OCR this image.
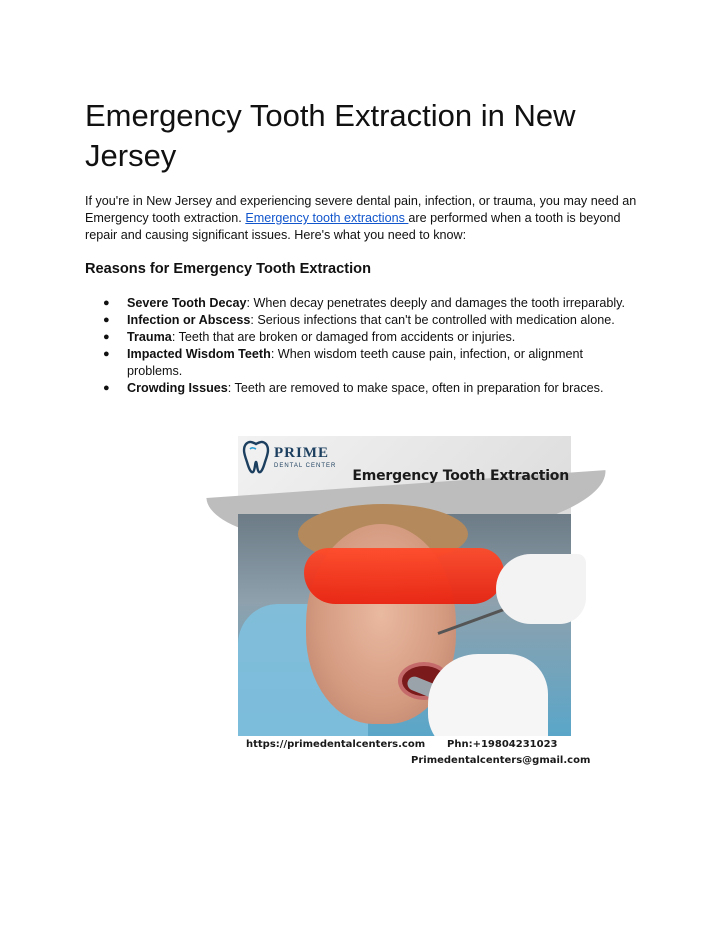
Emergency Tooth Extraction in New Jersey

If you're in New Jersey and experiencing severe dental pain, infection, or trauma, you may need an Emergency tooth extraction. Emergency tooth extractions are performed when a tooth is beyond repair and causing significant issues. Here's what you need to know:

Reasons for Emergency Tooth Extraction
● Severe Tooth Decay: When decay penetrates deeply and damages the tooth irreparably.
● Infection or Abscess: Serious infections that can't be controlled with medication alone.
● Trauma: Teeth that are broken or damaged from accidents or injuries.
● Impacted Wisdom Teeth: When wisdom teeth cause pain, infection, or alignment problems.
● Crowding Issues: Teeth are removed to make space, often in preparation for braces.
PRIME
DENTAL CENTER
Emergency Tooth Extraction
https://primedentalcenters.com Phn:+19804231023
Primedentalcenters@gmail.com
